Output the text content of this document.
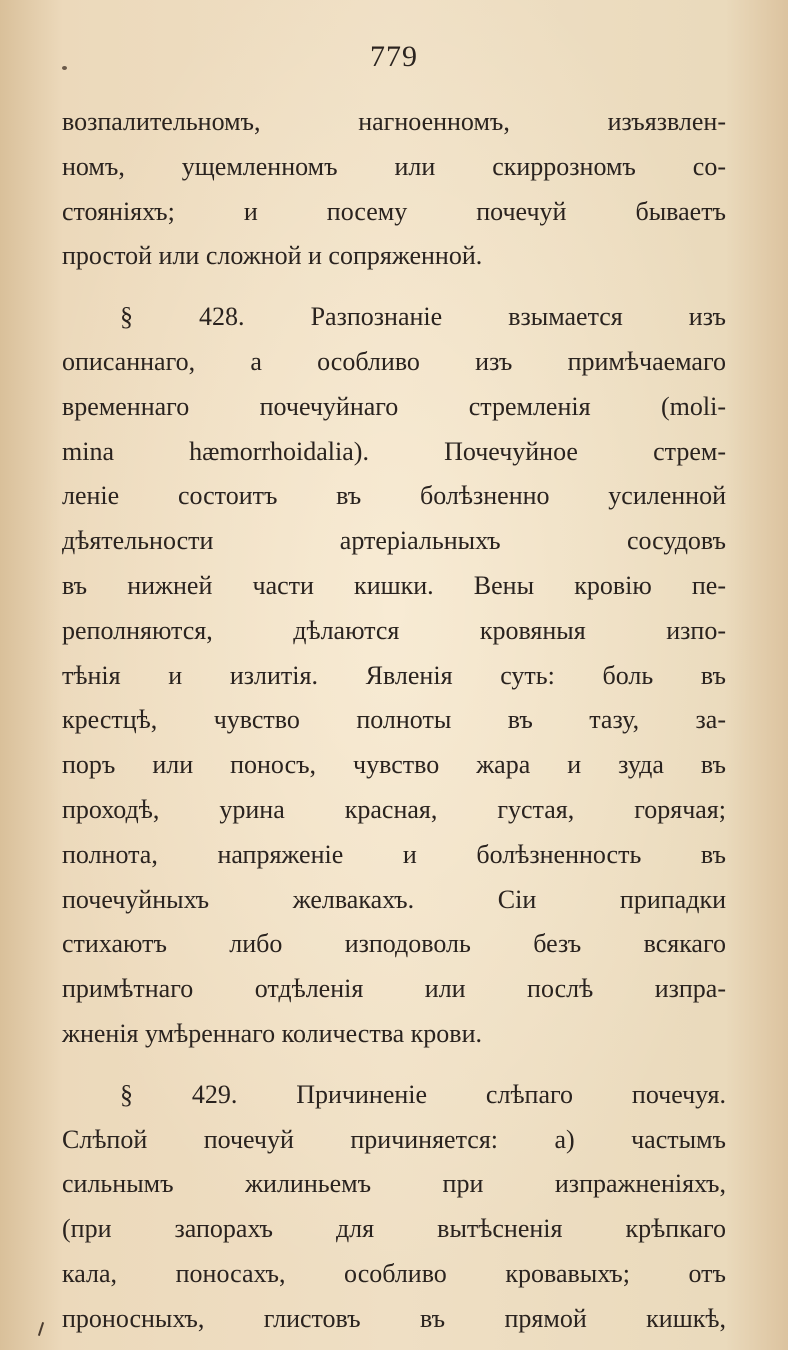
779
возпалительномъ, нагноенномъ, изъязвлен-
номъ, ущемленномъ или скиррозномъ со-
стояніяхъ; и посему почечуй бываетъ
простой или сложной и сопряженной.
§ 428. Разпознаніе взымается изъ
описаннаго, а особливо изъ примѣчаемаго
временнаго почечуйнаго стремленія (moli-
mina hæmorrhoidalia). Почечуйное стрем-
леніе состоитъ въ болѣзненно усиленной
дѣятельности артеріальныхъ сосудовъ
въ нижней части кишки. Вены кровію пе-
реполняются, дѣлаются кровяныя изпо-
тѣнія и излитія. Явленія суть: боль въ
крестцѣ, чувство полноты въ тазу, за-
поръ или поносъ, чувство жара и зуда въ
проходѣ, урина красная, густая, горячая;
полнота, напряженіе и болѣзненность въ
почечуйныхъ желвакахъ. Сіи припадки
стихаютъ либо изподоволь безъ всякаго
примѣтнаго отдѣленія или послѣ изпра-
жненія умѣреннаго количества крови.
§ 429. Причиненіе слѣпаго почечуя.
Слѣпой почечуй причиняется: а) частымъ
сильнымъ жилиньемъ при изпражненіяхъ,
(при запорахъ для вытѣсненія крѣпкаго
кала, поносахъ, особливо кровавыхъ; отъ
проносныхъ, глистовъ въ прямой кишкѣ,
